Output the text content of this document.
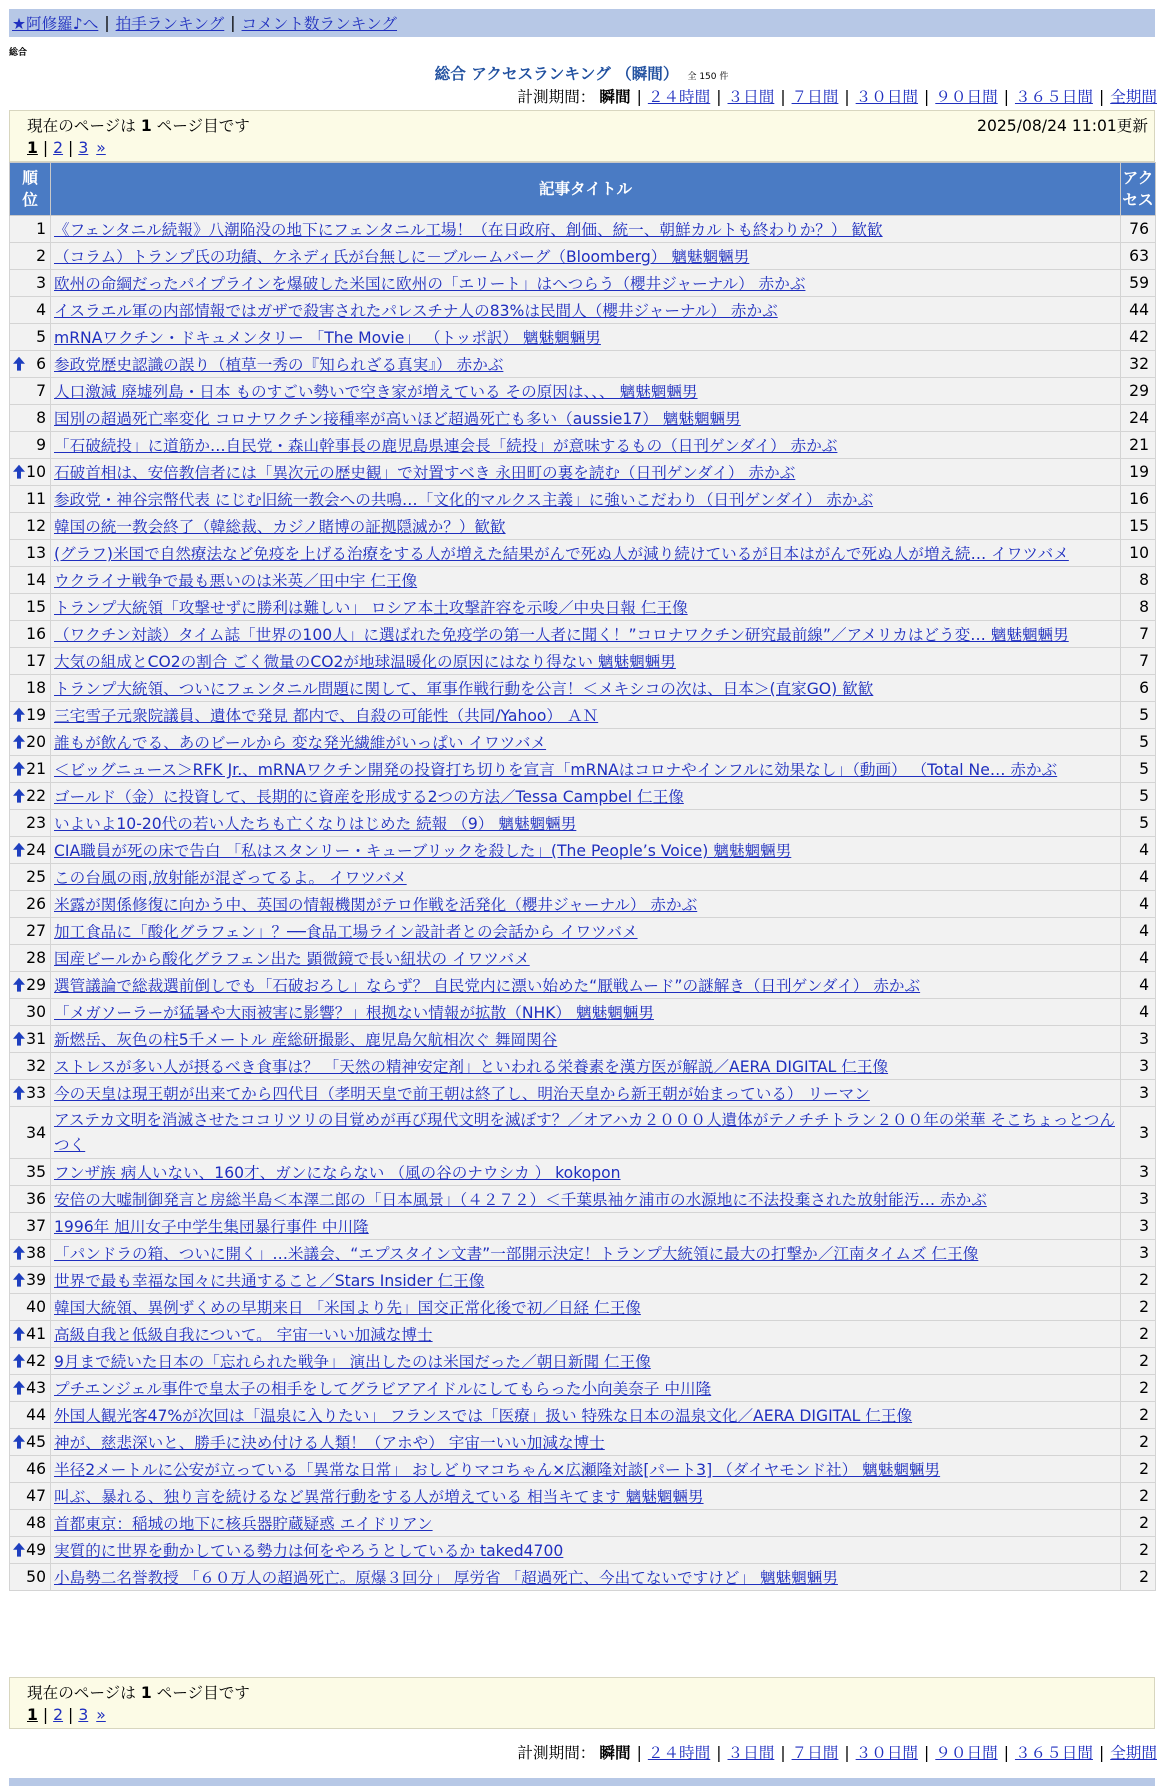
★阿修羅♪へ | 拍手ランキング | コメント数ランキング
総合
総合 アクセスランキング （瞬間） 全 150 件
計測期間： 瞬間 | ２４時間 | ３日間 | ７日間 | ３０日間 | ９０日間 | ３６５日間 | 全期間
現在のページは 1 ページ目です	2025/08/24 11:01更新
1 | 2 | 3 »
順位	記事タイトル	アクセス
1	《フェンタニル続報》八潮陥没の地下にフェンタニル工場！（在日政府、創価、統一、朝鮮カルトも終わりか？） 歓歓	76
2	（コラム）トランプ氏の功績、ケネディ氏が台無しに－ブルームバーグ（Bloomberg） 魑魅魍魎男	63
3	欧州の命綱だったパイプラインを爆破した米国に欧州の「エリート」はへつらう（櫻井ジャーナル） 赤かぶ	59
4	イスラエル軍の内部情報ではガザで殺害されたパレスチナ人の83%は民間人（櫻井ジャーナル） 赤かぶ	44
5	mRNAワクチン・ドキュメンタリー 「The Movie」 （トッポ訳） 魑魅魍魎男	42

6	参政党歴史認識の誤り（植草一秀の『知られざる真実』） 赤かぶ	32
7	人口激減 廃墟列島・日本 ものすごい勢いで空き家が増えている その原因は、、、 魑魅魍魎男	29
8	国別の超過死亡率変化 コロナワクチン接種率が高いほど超過死亡も多い（aussie17） 魑魅魍魎男	24
9	「石破続投」に道筋か…自民党・森山幹事長の鹿児島県連会長「続投」が意味するもの（日刊ゲンダイ） 赤かぶ	21

10	石破首相は、安倍教信者には「異次元の歴史観」で対置すべき 永田町の裏を読む（日刊ゲンダイ） 赤かぶ	19
11	参政党・神谷宗幣代表 にじむ旧統一教会への共鳴…「文化的マルクス主義」に強いこだわり（日刊ゲンダイ） 赤かぶ	16
12	韓国の統一教会終了（韓総裁、カジノ賭博の証拠隠滅か？）歓歓	15
13	(グラフ)米国で自然療法など免疫を上げる治療をする人が増えた結果がんで死ぬ人が減り続けているが日本はがんで死ぬ人が増え続… イワツバメ	10
14	ウクライナ戦争で最も悪いのは米英／田中宇 仁王像	8
15	トランプ大統領「攻撃せずに勝利は難しい」 ロシア本土攻撃許容を示唆／中央日報 仁王像	8
16	（ワクチン対談）タイム誌「世界の100人」に選ばれた免疫学の第一人者に聞く！”コロナワクチン研究最前線”／アメリカはどう変… 魑魅魍魎男	7
17	大気の組成とCO2の割合 ごく微量のCO2が地球温暖化の原因にはなり得ない 魑魅魍魎男	7
18	トランプ大統領、ついにフェンタニル問題に関して、軍事作戦行動を公言！＜メキシコの次は、日本＞(直家GO) 歓歓	6

19	三宅雪子元衆院議員、遺体で発見 都内で、自殺の可能性（共同/Yahoo） ＡＮ	5

20	誰もが飲んでる、あのビールから 変な発光繊維がいっぱい イワツバメ	5

21	＜ビッグニュース＞RFK Jr.、mRNAワクチン開発の投資打ち切りを宣言「mRNAはコロナやインフルに効果なし」（動画） （Total Ne… 赤かぶ	5

22	ゴールド（金）に投資して、長期的に資産を形成する2つの方法／Tessa Campbel 仁王像	5
23	いよいよ10-20代の若い人たちも亡くなりはじめた 続報 （9） 魑魅魍魎男	5

24	CIA職員が死の床で告白 「私はスタンリー・キューブリックを殺した」(The People’s Voice) 魑魅魍魎男	4
25	この台風の雨,放射能が混ざってるよ。 イワツバメ	4
26	米露が関係修復に向かう中、英国の情報機関がテロ作戦を活発化（櫻井ジャーナル） 赤かぶ	4
27	加工食品に「酸化グラフェン」？──食品工場ライン設計者との会話から イワツバメ	4
28	国産ビールから酸化グラフェン出た 顕微鏡で長い紐状の イワツバメ	4

29	選管議論で総裁選前倒しでも「石破おろし」ならず？ 自民党内に漂い始めた“厭戦ムード”の謎解き（日刊ゲンダイ） 赤かぶ	4
30	「メガソーラーが猛暑や大雨被害に影響？」根拠ない情報が拡散（NHK） 魑魅魍魎男	4

31	新燃岳、灰色の柱5千メートル 産総研撮影、鹿児島欠航相次ぐ 舞岡関谷	3
32	ストレスが多い人が摂るべき食事は？ 「天然の精神安定剤」といわれる栄養素を漢方医が解説／AERA DIGITAL 仁王像	3

33	今の天皇は現王朝が出来てから四代目（孝明天皇で前王朝は終了し、明治天皇から新王朝が始まっている） リーマン	3
34	アステカ文明を消滅させたココリツリの目覚めが再び現代文明を滅ぼす？／オアハカ２０００人遺体がテノチチトラン２００年の栄華 そこちょっとつんつく	3
35	フンザ族 病人いない、160才、ガンにならない （風の谷のナウシカ ） kokopon	3
36	安倍の大嘘制御発言と房総半島＜本澤二郎の「日本風景」（４２７２）＜千葉県袖ケ浦市の水源地に不法投棄された放射能汚… 赤かぶ	3
37	1996年 旭川女子中学生集団暴行事件 中川隆	3

38	「パンドラの箱、ついに開く」…米議会、“エプスタイン文書”一部開示決定！トランプ大統領に最大の打撃か／江南タイムズ 仁王像	3

39	世界で最も幸福な国々に共通すること／Stars Insider 仁王像	2
40	韓国大統領、異例ずくめの早期来日 「米国より先」国交正常化後で初／日経 仁王像	2

41	高級自我と低級自我について。 宇宙一いい加減な博士	2

42	9月まで続いた日本の「忘れられた戦争」 演出したのは米国だった／朝日新聞 仁王像	2

43	プチエンジェル事件で皇太子の相手をしてグラビアアイドルにしてもらった小向美奈子 中川隆	2
44	外国人観光客47%が次回は「温泉に入りたい」 フランスでは「医療」扱い 特殊な日本の温泉文化／AERA DIGITAL 仁王像	2

45	神が、慈悲深いと、勝手に決め付ける人類！（アホや） 宇宙一いい加減な博士	2
46	半径2メートルに公安が立っている「異常な日常」 おしどりマコちゃん×広瀬隆対談[パート3] （ダイヤモンド社） 魑魅魍魎男	2
47	叫ぶ、暴れる、独り言を続けるなど異常行動をする人が増えている 相当キてます 魑魅魍魎男	2
48	首都東京：稲城の地下に核兵器貯蔵疑惑 エイドリアン	2

49	実質的に世界を動かしている勢力は何をやろうとしているか taked4700	2
50	小島勢二名誉教授 「６０万人の超過死亡。原爆３回分」 厚労省 「超過死亡、今出てないですけど」 魑魅魍魎男	2
現在のページは 1 ページ目です
1 | 2 | 3 »
計測期間： 瞬間 | ２４時間 | ３日間 | ７日間 | ３０日間 | ９０日間 | ３６５日間 | 全期間
